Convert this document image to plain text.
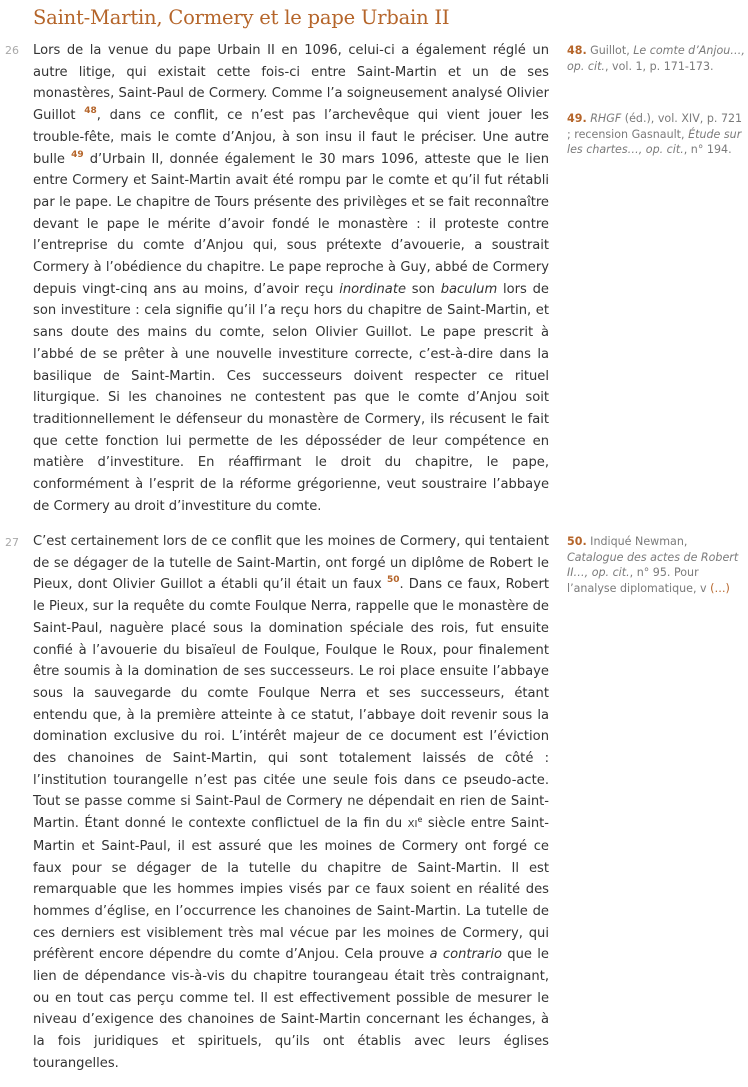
Saint-Martin, Cormery et le pape Urbain II
26 Lors de la venue du pape Urbain II en 1096, celui-ci a également réglé un autre litige, qui existait cette fois-ci entre Saint-Martin et un de ses monastères, Saint-Paul de Cormery. Comme l’a soigneusement analysé Olivier Guillot $^{48}$, dans ce conflit, ce n’est pas l’archevêque qui vient jouer les trouble-fête, mais le comte d’Anjou, à son insu il faut le préciser. Une autre bulle $^{49}$ d’Urbain II, donnée également le 30 mars 1096, atteste que le lien entre Cormery et Saint-Martin avait été rompu par le comte et qu’il fut rétabli par le pape. Le chapitre de Tours présente des privilèges et se fait reconnaître devant le pape le mérite d’avoir fondé le monastère : il proteste contre l’entreprise du comte d’Anjou qui, sous prétexte d’avouerie, a soustrait Cormery à l’obédience du chapitre. Le pape reproche à Guy, abbé de Cormery depuis vingt-cinq ans au moins, d’avoir reçu inordinate son baculum lors de son investiture : cela signifie qu’il l’a reçu hors du chapitre de Saint-Martin, et sans doute des mains du comte, selon Olivier Guillot. Le pape prescrit à l’abbé de se prêter à une nouvelle investiture correcte, c’est-à-dire dans la basilique de Saint-Martin. Ces successeurs doivent respecter ce rituel liturgique. Si les chanoines ne contestent pas que le comte d’Anjou soit traditionnellement le défenseur du monastère de Cormery, ils récusent le fait que cette fonction lui permette de les déposséder de leur compétence en matière d’investiture. En réaffirmant le droit du chapitre, le pape, conformément à l’esprit de la réforme grégorienne, veut soustraire l’abbaye de Cormery au droit d’investiture du comte.

27 C’est certainement lors de ce conflit que les moines de Cormery, qui tentaient de se dégager de la tutelle de Saint-Martin, ont forgé un diplôme de Robert le Pieux, dont Olivier Guillot a établi qu’il était un faux $^{50}$. Dans ce faux, Robert le Pieux, sur la requête du comte Foulque Nerra, rappelle que le monastère de Saint-Paul, naguère placé sous la domination spéciale des rois, fut ensuite confié à l’avouerie du bisaïeul de Foulque, Foulque le Roux, pour finalement être soumis à la domination de ses successeurs. Le roi place ensuite l’abbaye sous la sauvegarde du comte Foulque Nerra et ses successeurs, étant entendu que, à la première atteinte à ce statut, l’abbaye doit revenir sous la domination exclusive du roi. L’intérêt majeur de ce document est l’éviction des chanoines de Saint-Martin, qui sont totalement laissés de côté : l’institution tourangelle n’est pas citée une seule fois dans ce pseudo-acte. Tout se passe comme si Saint-Paul de Cormery ne dépendait en rien de Saint-Martin. Étant donné le contexte conflictuel de la fin du XIe siècle entre Saint-Martin et Saint-Paul, il est assuré que les moines de Cormery ont forgé ce faux pour se dégager de la tutelle du chapitre de Saint-Martin. Il est remarquable que les hommes impies visés par ce faux soient en réalité des hommes d’église, en l’occurrence les chanoines de Saint-Martin. La tutelle de ces derniers est visiblement très mal vécue par les moines de Cormery, qui préfèrent encore dépendre du comte d’Anjou. Cela prouve a contrario que le lien de dépendance vis-à-vis du chapitre tourangeau était très contraignant, ou en tout cas perçu comme tel. Il est effectivement possible de mesurer le niveau d’exigence des chanoines de Saint-Martin concernant les échanges, à la fois juridiques et spirituels, qu’ils ont établis avec leurs églises tourangelles.

48. Guillot, Le comte d’Anjou…, op. cit., vol. 1, p. 171-173.
49. RHGF (éd.), vol. XIV, p. 721 ; recension Gasnault, Étude sur les chartes…, op. cit., n° 194.
50. Indiqué Newman, Catalogue des actes de Robert II…, op. cit., n° 95. Pour l’analyse diplomatique, v (…)
